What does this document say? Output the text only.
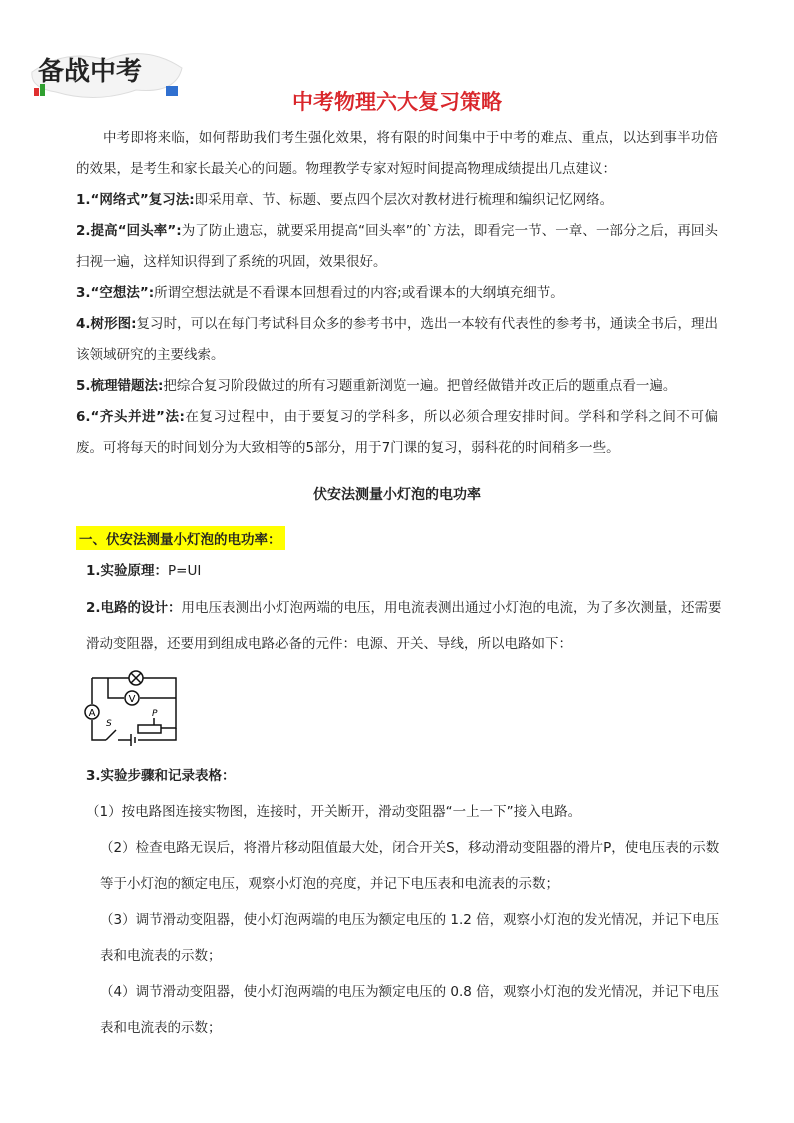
备战中考
中考物理六大复习策略

中考即将来临，如何帮助我们考生强化效果，将有限的时间集中于中考的难点、重点，以达到事半功倍的效果，是考生和家长最关心的问题。物理教学专家对短时间提高物理成绩提出几点建议：

1.“网络式”复习法:即采用章、节、标题、要点四个层次对教材进行梳理和编织记忆网络。

2.提高“回头率”:为了防止遗忘，就要采用提高“回头率”的`方法，即看完一节、一章、一部分之后，再回头扫视一遍，这样知识得到了系统的巩固，效果很好。

3.“空想法”:所谓空想法就是不看课本回想看过的内容;或看课本的大纲填充细节。

4.树形图:复习时，可以在每门考试科目众多的参考书中，选出一本较有代表性的参考书，通读全书后，理出该领域研究的主要线索。

5.梳理错题法:把综合复习阶段做过的所有习题重新浏览一遍。把曾经做错并改正后的题重点看一遍。

6.“齐头并进”法:在复习过程中，由于要复习的学科多，所以必须合理安排时间。学科和学科之间不可偏废。可将每天的时间划分为大致相等的5部分，用于7门课的复习，弱科花的时间稍多一些。

伏安法测量小灯泡的电功率
一、伏安法测量小灯泡的电功率：

1.实验原理：P=UI

2.电路的设计：用电压表测出小灯泡两端的电压，用电流表测出通过小灯泡的电流，为了多次测量，还需要滑动变阻器，还要用到组成电路必备的元件：电源、开关、导线，所以电路如下：

V
A
S
P

3.实验步骤和记录表格：

（1）按电路图连接实物图，连接时，开关断开，滑动变阻器“一上一下”接入电路。

（2）检查电路无误后，将滑片移动阻值最大处，闭合开关S，移动滑动变阻器的滑片P，使电压表的示数等于小灯泡的额定电压，观察小灯泡的亮度，并记下电压表和电流表的示数；

（3）调节滑动变阻器，使小灯泡两端的电压为额定电压的 1.2 倍，观察小灯泡的发光情况，并记下电压表和电流表的示数；

（4）调节滑动变阻器，使小灯泡两端的电压为额定电压的 0.8 倍，观察小灯泡的发光情况，并记下电压表和电流表的示数；
